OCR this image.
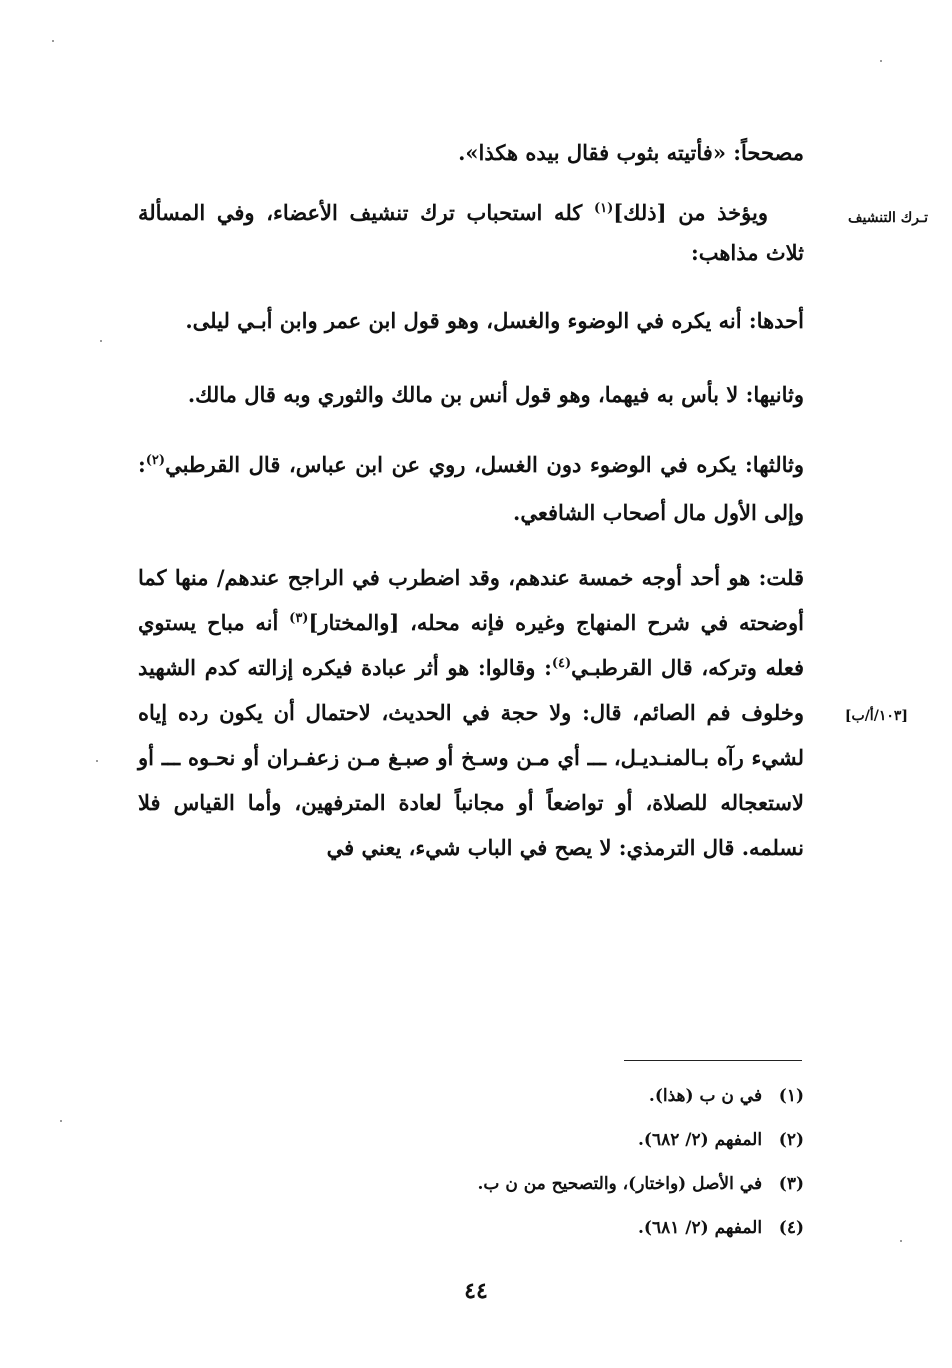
تـرك التنشيف
[١٠٣/أ/ب]

مصححاً: «فأتيته بثوب فقال بيده هكذا».

ويؤخذ من [ذلك]$^{(١)}$ كله استحباب ترك تنشيف الأعضاء، وفي المسألة ثلاث مذاهب:

أحدها: أنه يكره في الوضوء والغسل، وهو قول ابن عمر وابن أبـي ليلى.

وثانيها: لا بأس به فيهما، وهو قول أنس بن مالك والثوري وبه قال مالك.

وثالثها: يكره في الوضوء دون الغسل، روي عن ابن عباس، قال القرطبي$^{(٢)}$: وإلى الأول مال أصحاب الشافعي.

قلت: هو أحد أوجه خمسة عندهم، وقد اضطرب في الراجح عندهم/ منها كما أوضحته في شرح المنهاج وغيره فإنه محله، [والمختار]$^{(٣)}$ أنه مباح يستوي فعله وتركه، قال القرطبـي$^{(٤)}$: وقالوا: هو أثر عبادة فيكره إزالته كدم الشهيد وخلوف فم الصائم، قال: ولا حجة في الحديث، لاحتمال أن يكون رده إياه لشيء رآه بـالمنـديـل، ـــ أي مـن وسـخ أو صبـغ مـن زعفـران أو نحـوه ـــ أو لاستعجاله للصلاة، أو تواضعاً أو مجانباً لعادة المترفهين، وأما القياس فلا نسلمه. قال الترمذي: لا يصح في الباب شيء، يعني في

(١) في ن ب (هذا).
(٢) المفهم (٢/ ٦٨٢).
(٣) في الأصل (واختار)، والتصحيح من ن ب.
(٤) المفهم (٢/ ٦٨١).
٤٤
